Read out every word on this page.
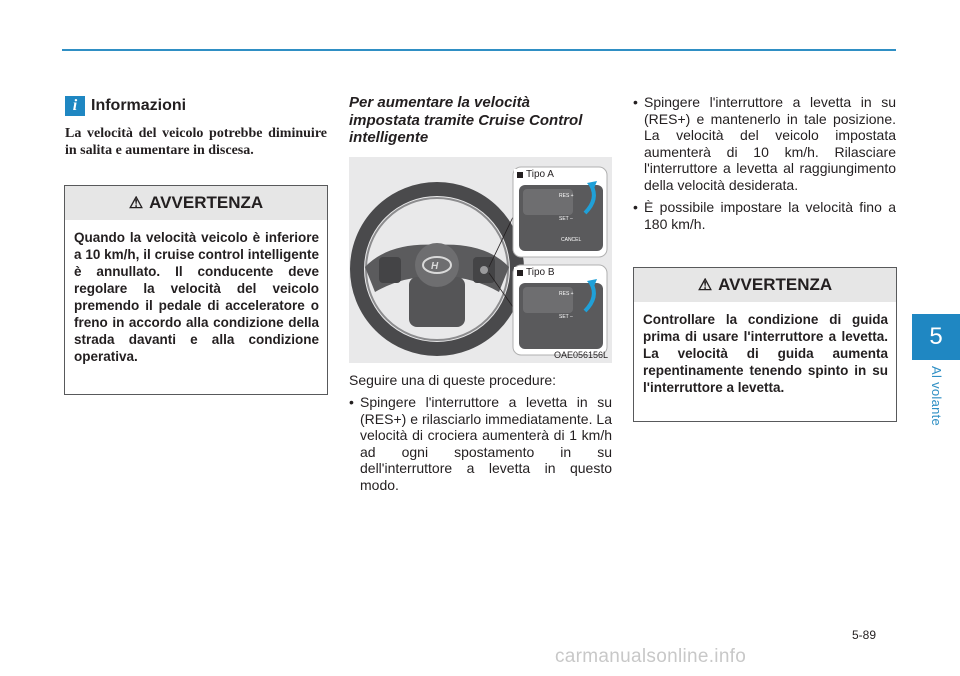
5
Al volante
i Informazioni
La velocità del veicolo potrebbe diminuire in salita e aumentare in discesa.
⚠ AVVERTENZA
Quando la velocità veicolo è inferiore a 10 km/h, il cruise control intelligente è annullato. Il conducente deve regolare la velocità del veicolo premendo il pedale di acceleratore o freno in accordo alla condizione della strada davanti e alla condizione operativa.
Per aumentare la velocità impostata tramite Cruise Control intelligente
H
RES +
SET –
CANCEL
RES +
SET –
Tipo A
Tipo B
OAE056156L
Seguire una di queste procedure:
• Spingere l'interruttore a levetta in su (RES+) e rilasciarlo immediatamente. La velocità di crociera aumenterà di 1 km/h ad ogni spostamento in su dell'interruttore a levetta in questo modo.
• Spingere l'interruttore a levetta in su (RES+) e mantenerlo in tale posizione. La velocità del veicolo impostata aumenterà di 10 km/h. Rilasciare l'interruttore a levetta al raggiungimento della velocità desiderata.
• È possibile impostare la velocità fino a 180 km/h.
⚠ AVVERTENZA
Controllare la condizione di guida prima di usare l'interruttore a levetta. La velocità di guida aumenta repentinamente tenendo spinto in su l'interruttore a levetta.
5-89
carmanualsonline.info
